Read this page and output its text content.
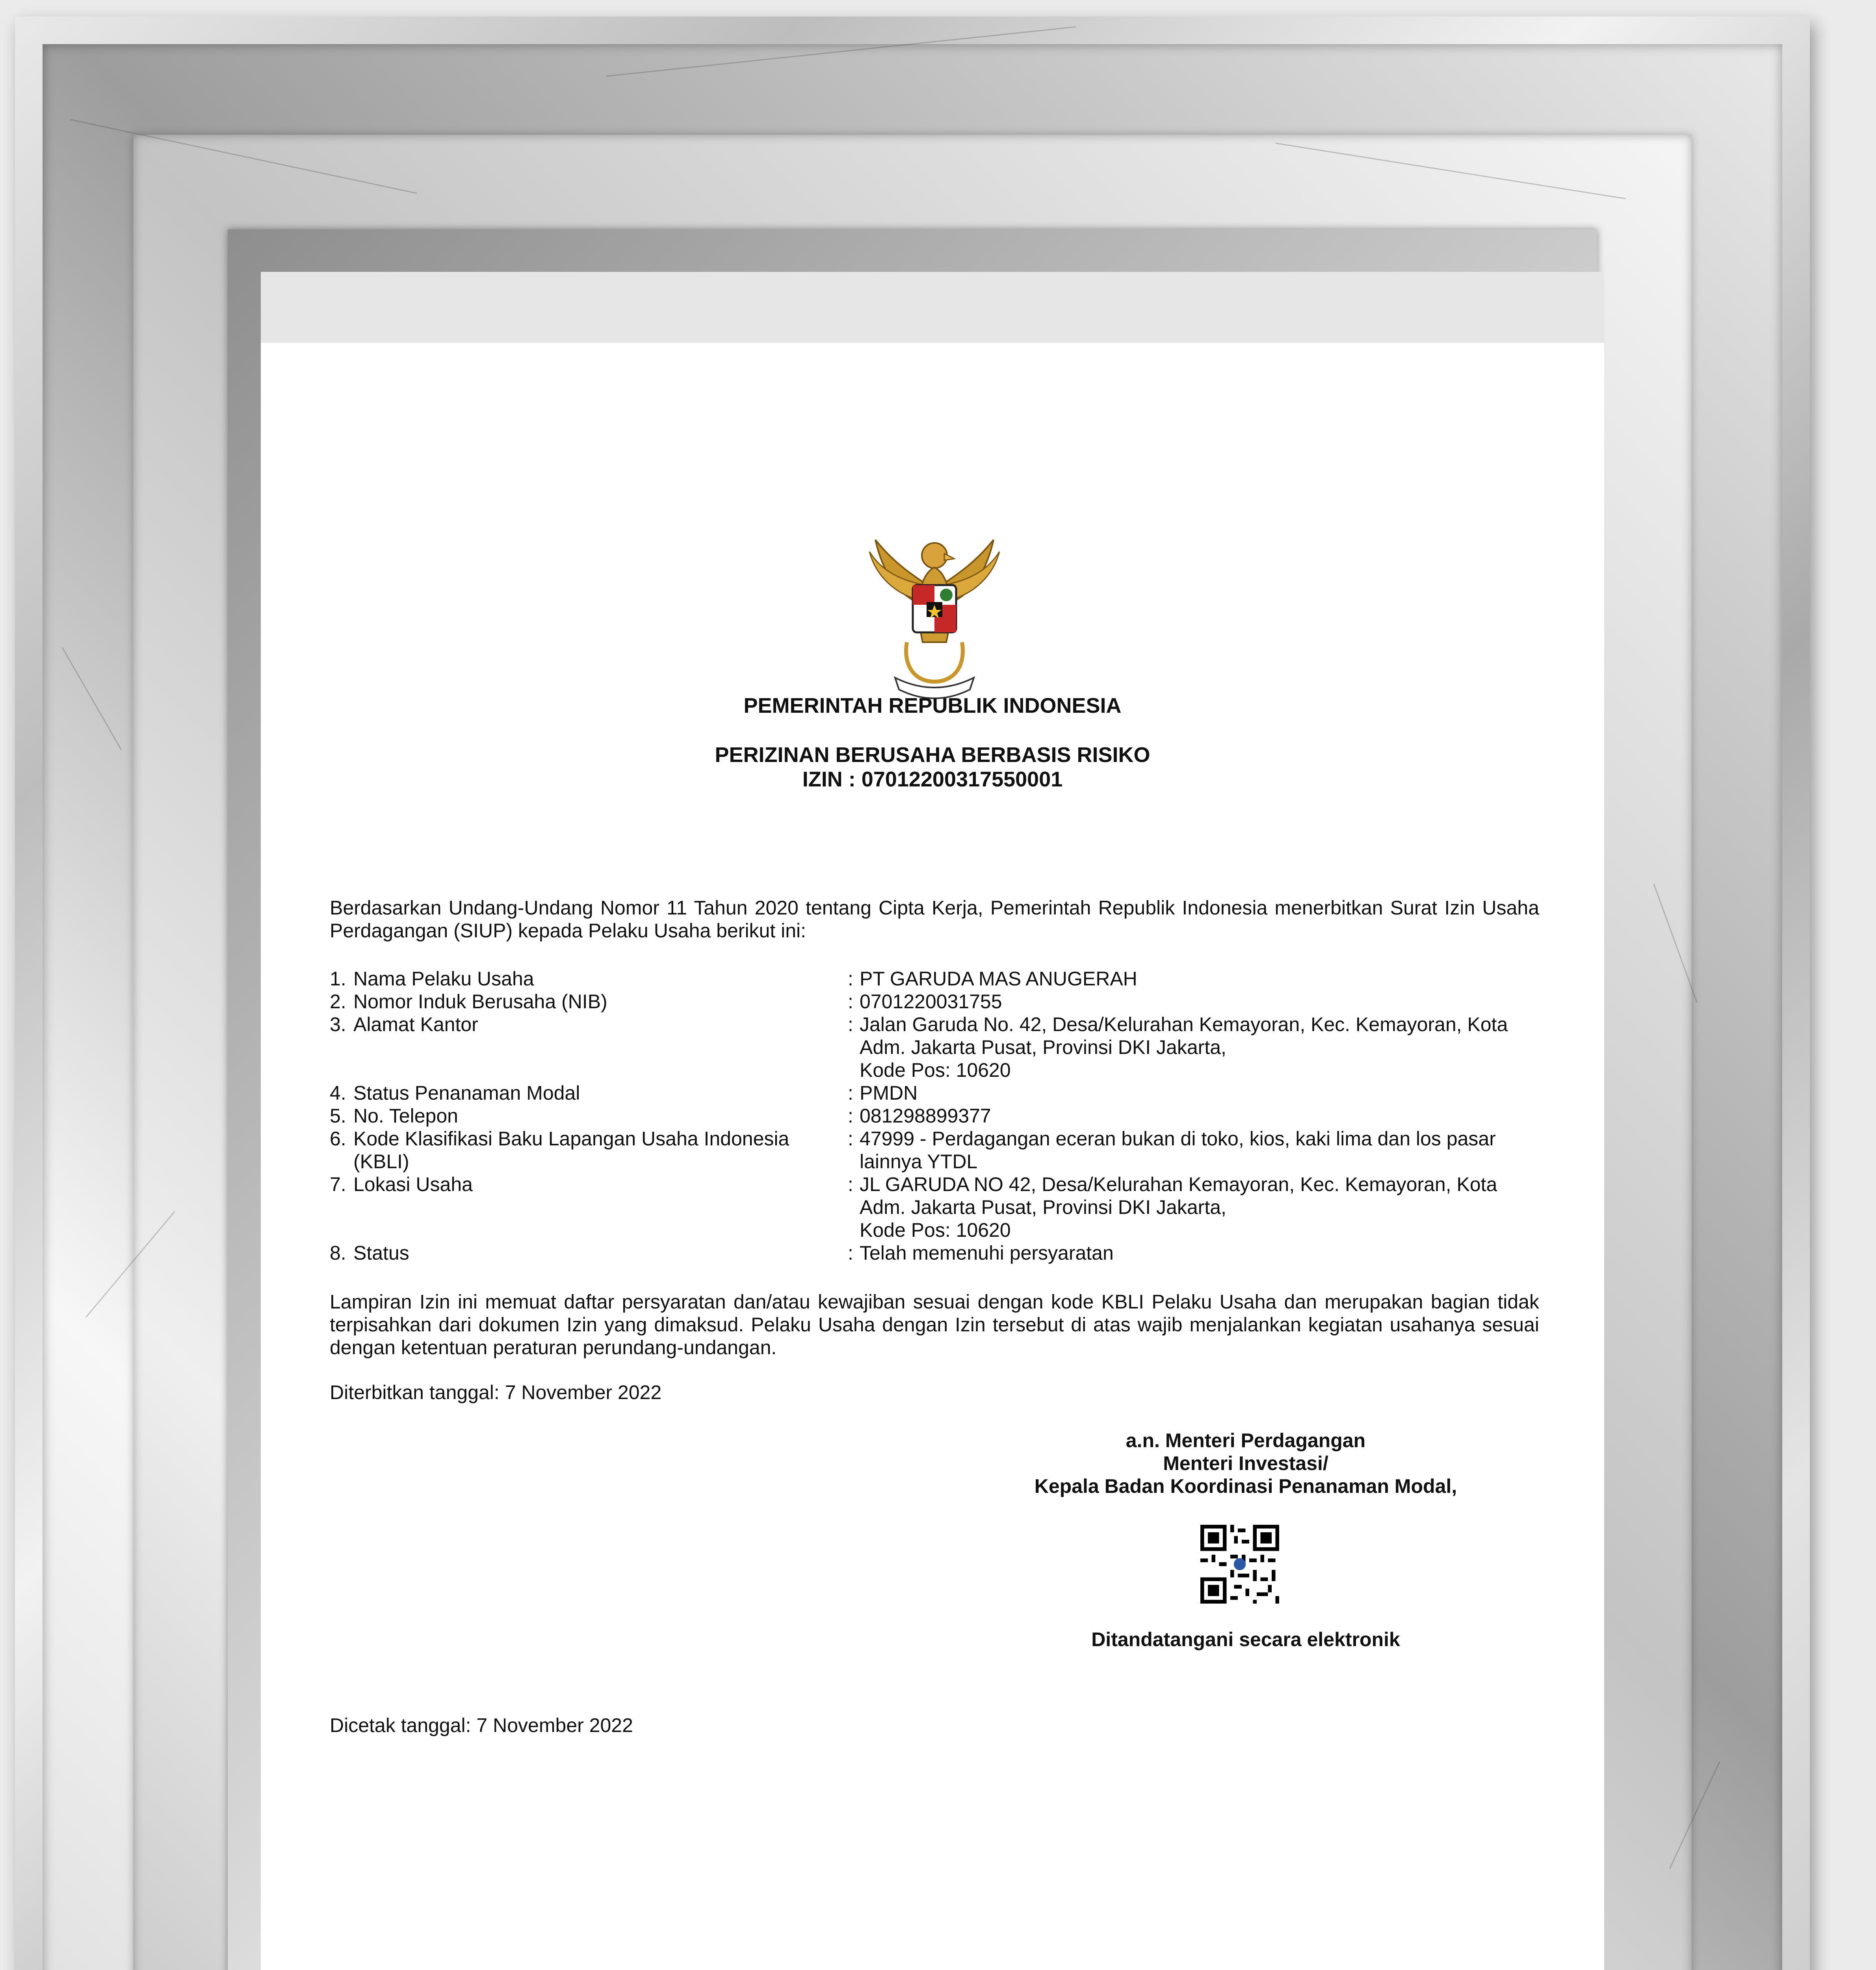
PEMERINTAH REPUBLIK INDONESIA
PERIZINAN BERUSAHA BERBASIS RISIKO
IZIN : 07012200317550001
Berdasarkan Undang-Undang Nomor 11 Tahun 2020 tentang Cipta Kerja, Pemerintah Republik Indonesia menerbitkan Surat Izin Usaha Perdagangan (SIUP) kepada Pelaku Usaha berikut ini:
1. Nama Pelaku Usaha	: PT GARUDA MAS ANUGERAH
2. Nomor Induk Berusaha (NIB)	: 0701220031755
3. Alamat Kantor	: Jalan Garuda No. 42, Desa/Kelurahan Kemayoran, Kec. Kemayoran, Kota
Adm. Jakarta Pusat, Provinsi DKI Jakarta,
Kode Pos: 10620
4. Status Penanaman Modal	: PMDN
5. No. Telepon	: 081298899377
6. Kode Klasifikasi Baku Lapangan Usaha Indonesia (KBLI)
: 47999 - Perdagangan eceran bukan di toko, kios, kaki lima dan los pasar
lainnya YTDL
7. Lokasi Usaha	: JL GARUDA NO 42, Desa/Kelurahan Kemayoran, Kec. Kemayoran, Kota
Adm. Jakarta Pusat, Provinsi DKI Jakarta,
Kode Pos: 10620
8. Status	: Telah memenuhi persyaratan
Lampiran Izin ini memuat daftar persyaratan dan/atau kewajiban sesuai dengan kode KBLI Pelaku Usaha dan merupakan bagian tidak terpisahkan dari dokumen Izin yang dimaksud. Pelaku Usaha dengan Izin tersebut di atas wajib menjalankan kegiatan usahanya sesuai dengan ketentuan peraturan perundang-undangan.
Diterbitkan tanggal: 7 November 2022
a.n. Menteri Perdagangan
Menteri Investasi/
Kepala Badan Koordinasi Penanaman Modal,
Ditandatangani secara elektronik
Dicetak tanggal: 7 November 2022
